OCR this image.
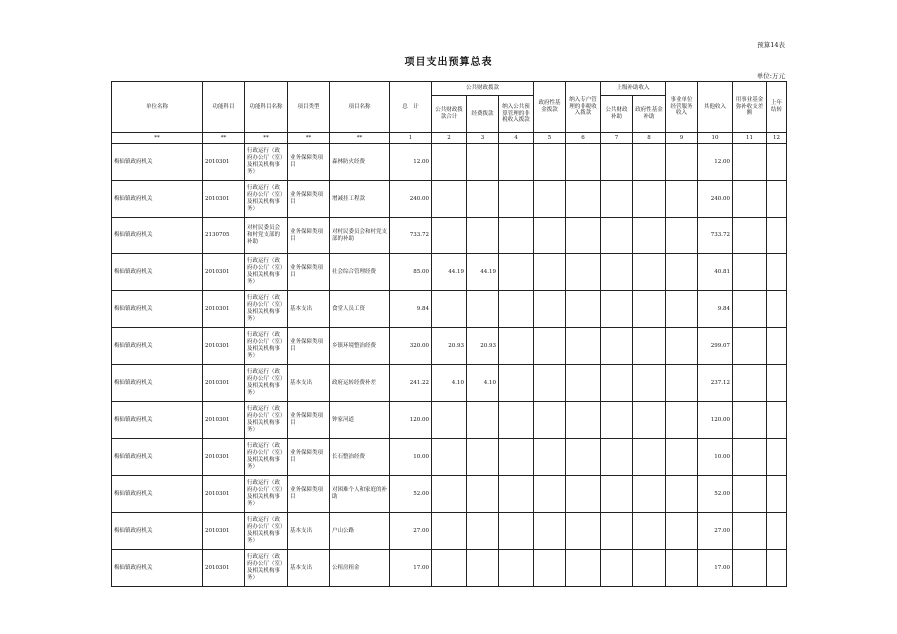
预算14表
项目支出预算总表
单位:万元
单位名称	功能科目	功能科目名称	项目类型	项目名称	总　计	公共财政拨款			政府性基金拨款	纳入专户管理的非税收入拨款	上级补助收入		事业单位经营服务收入	其他收入	用事业基金弥补收支差额	上年结转
						公共财政拨款合计	经费拨款	纳入公共预算管理的非税收入拨款			公共财政补助	政府性基金补助				
**	**	**	**	**	1	2	3	4	5	6	7	8	9	10	11	12
梅仙镇政府机关	2010301	行政运行（政府办公厅（室）及相关机构事务）	业务保障类项目	森林防火经费	12.00									12.00		
梅仙镇政府机关	2010301	行政运行（政府办公厅（室）及相关机构事务）	业务保障类项目	增减挂工程款	240.00									240.00		
梅仙镇政府机关	2130705	对村民委员会和村党支部的补助	业务保障类项目	对村民委员会和村党支部的补助	733.72									733.72		
梅仙镇政府机关	2010301	行政运行（政府办公厅（室）及相关机构事务）	业务保障类项目	社会综合管理经费	85.00	44.19	44.19							40.81		
梅仙镇政府机关	2010301	行政运行（政府办公厅（室）及相关机构事务）	基本支出	食堂人员工资	9.84									9.84		
梅仙镇政府机关	2010301	行政运行（政府办公厅（室）及相关机构事务）	业务保障类项目	乡镇环境整治经费	320.00	20.93	20.93							299.07		
梅仙镇政府机关	2010301	行政运行（政府办公厅（室）及相关机构事务）	基本支出	政府运转经费补差	241.22	4.10	4.10							237.12		
梅仙镇政府机关	2010301	行政运行（政府办公厅（室）及相关机构事务）	业务保障类项目	钟家河道	120.00									120.00		
梅仙镇政府机关	2010301	行政运行（政府办公厅（室）及相关机构事务）	业务保障类项目	长石整治经费	10.00									10.00		
梅仙镇政府机关	2010301	行政运行（政府办公厅（室）及相关机构事务）	业务保障类项目	对困难个人和家庭的补助	52.00									52.00		
梅仙镇政府机关	2010301	行政运行（政府办公厅（室）及相关机构事务）	基本支出	户山公路	27.00									27.00		
梅仙镇政府机关	2010301	行政运行（政府办公厅（室）及相关机构事务）	基本支出	公租房租金	17.00									17.00		
